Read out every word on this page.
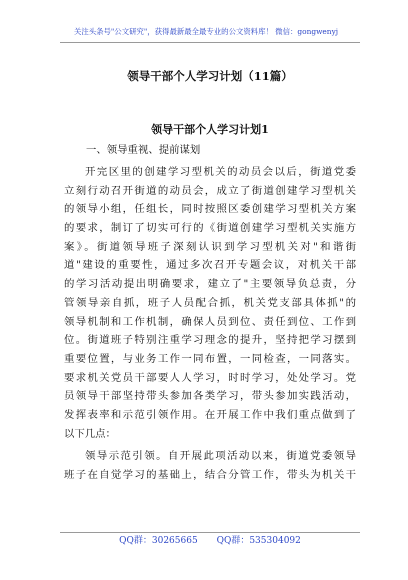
关注头条号"公文研究"，获得最新最全最专业的公文资料库！ 微信：gongwenyj
领导干部个人学习计划（11篇）
领导干部个人学习计划1
一、领导重视、提前谋划
开完区里的创建学习型机关的动员会以后，街道党委
立刻行动召开街道的动员会，成立了街道创建学习型机关
的领导小组，任组长，同时按照区委创建学习型机关方案
的要求，制订了切实可行的《街道创建学习型机关实施方
案》。街道领导班子深刻认识到学习型机关对"和谐街
道"建设的重要性，通过多次召开专题会议，对机关干部
的学习活动提出明确要求，建立了"主要领导负总责，分
管领导亲自抓，班子人员配合抓，机关党支部具体抓"的
领导机制和工作机制，确保人员到位、责任到位、工作到
位。街道班子特别注重学习理念的提升，坚持把学习摆到
重要位置，与业务工作一同布置，一同检查，一同落实。
要求机关党员干部要人人学习，时时学习，处处学习。党
员领导干部坚持带头参加各类学习，带头参加实践活动，
发挥表率和示范引领作用。在开展工作中我们重点做到了
以下几点：
领导示范引领。自开展此项活动以来，街道党委领导
班子在自觉学习的基础上，结合分管工作，带头为机关干
QQ群：30265665 QQ群：535304092
